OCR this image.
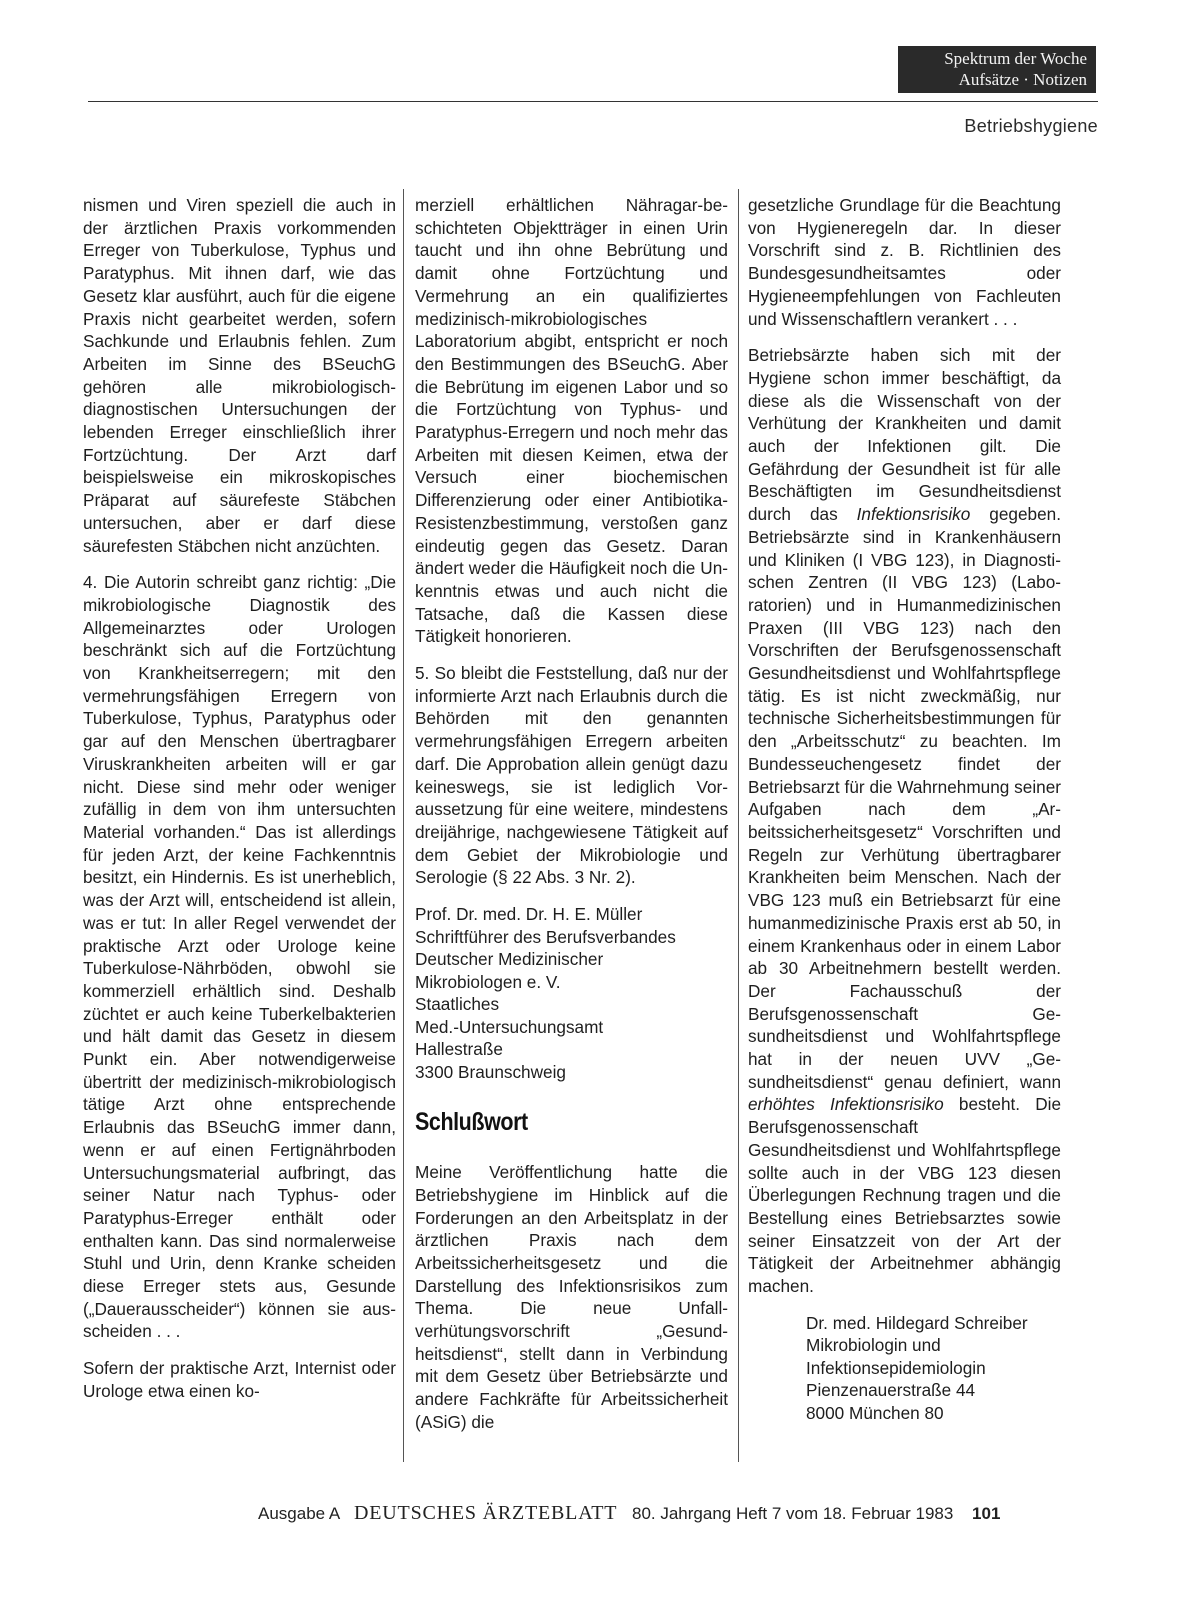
Spektrum der Woche
Aufsätze · Notizen
Betriebshygiene

nismen und Viren speziell die auch in der ärztlichen Praxis vorkommenden Erreger von Tuberkulose, Typhus und Paratyphus. Mit ihnen darf, wie das Gesetz klar ausführt, auch für die eigene Praxis nicht gearbeitet werden, sofern Sachkunde und Erlaubnis fehlen. Zum Arbeiten im Sinne des BSeuchG gehören alle mikrobiologisch-diagnostischen Untersuchungen der lebenden Erreger einschließlich ihrer Fortzüchtung. Der Arzt darf beispielsweise ein mikroskopisches Präparat auf säurefeste Stäbchen untersuchen, aber er darf diese säurefesten Stäbchen nicht anzüchten.

4. Die Autorin schreibt ganz richtig: „Die mikrobiologische Diagnostik des Allgemeinarztes oder Urologen beschränkt sich auf die Fortzüchtung von Krankheitserregern; mit den vermehrungsfähigen Erregern von Tuberkulose, Typhus, Paratyphus oder gar auf den Menschen übertragbarer Viruskrankheiten arbeiten will er gar nicht. Diese sind mehr oder weniger zufällig in dem von ihm untersuchten Material vorhanden.“ Das ist allerdings für jeden Arzt, der keine Fachkenntnis besitzt, ein Hindernis. Es ist unerheblich, was der Arzt will, entscheidend ist allein, was er tut: In aller Regel verwendet der praktische Arzt oder Urologe keine Tuberkulose-Nährböden, obwohl sie kommerziell erhältlich sind. Deshalb züchtet er auch keine Tuberkelbakterien und hält damit das Gesetz in diesem Punkt ein. Aber notwendigerweise übertritt der medizinisch-mikrobiologisch tätige Arzt ohne entsprechende Erlaubnis das BSeuchG immer dann, wenn er auf einen Fertignährboden Untersuchungsmaterial aufbringt, das seiner Natur nach Typhus- oder Paratyphus-Erreger enthält oder enthalten kann. Das sind normalerweise Stuhl und Urin, denn Kranke scheiden diese Erreger stets aus, Gesunde („Dauerausscheider“) können sie ausscheiden . . .

Sofern der praktische Arzt, Internist oder Urologe etwa einen ko-

merziell erhältlichen Nähragar-beschichteten Objektträger in einen Urin taucht und ihn ohne Bebrütung und damit ohne Fortzüchtung und Vermehrung an ein qualifiziertes medizinisch-mikrobiologisches Laboratorium abgibt, entspricht er noch den Bestimmungen des BSeuchG. Aber die Bebrütung im eigenen Labor und so die Fortzüchtung von Typhus- und Paratyphus-Erregern und noch mehr das Arbeiten mit diesen Keimen, etwa der Versuch einer biochemischen Differenzierung oder einer Antibiotika-Resistenzbestimmung, verstoßen ganz eindeutig gegen das Gesetz. Daran ändert weder die Häufigkeit noch die Unkenntnis etwas und auch nicht die Tatsache, daß die Kassen diese Tätigkeit honorieren.

5. So bleibt die Feststellung, daß nur der informierte Arzt nach Erlaubnis durch die Behörden mit den genannten vermehrungsfähigen Erregern arbeiten darf. Die Approbation allein genügt dazu keineswegs, sie ist lediglich Voraussetzung für eine weitere, mindestens dreijährige, nachgewiesene Tätigkeit auf dem Gebiet der Mikrobiologie und Serologie (§ 22 Abs. 3 Nr. 2).

Prof. Dr. med. Dr. H. E. Müller
Schriftführer des Berufsverbandes
Deutscher Medizinischer
Mikrobiologen e. V.
Staatliches
Med.-Untersuchungsamt
Hallestraße
3300 Braunschweig
Schlußwort

Meine Veröffentlichung hatte die Betriebshygiene im Hinblick auf die Forderungen an den Arbeitsplatz in der ärztlichen Praxis nach dem Arbeitssicherheitsgesetz und die Darstellung des Infektionsrisikos zum Thema. Die neue Unfallverhütungsvorschrift „Gesundheitsdienst“, stellt dann in Verbindung mit dem Gesetz über Betriebsärzte und andere Fachkräfte für Arbeitssicherheit (ASiG) die

gesetzliche Grundlage für die Beachtung von Hygieneregeln dar. In dieser Vorschrift sind z. B. Richtlinien des Bundesgesundheitsamtes oder Hygieneempfehlungen von Fachleuten und Wissenschaftlern verankert . . .

Betriebsärzte haben sich mit der Hygiene schon immer beschäftigt, da diese als die Wissenschaft von der Verhütung der Krankheiten und damit auch der Infektionen gilt. Die Gefährdung der Gesundheit ist für alle Beschäftigten im Gesundheitsdienst durch das Infektionsrisiko gegeben. Betriebsärzte sind in Krankenhäusern und Kliniken (I VBG 123), in Diagnostischen Zentren (II VBG 123) (Laboratorien) und in Humanmedizinischen Praxen (III VBG 123) nach den Vorschriften der Berufsgenossenschaft Gesundheitsdienst und Wohlfahrtspflege tätig. Es ist nicht zweckmäßig, nur technische Sicherheitsbestimmungen für den „Arbeitsschutz“ zu beachten. Im Bundesseuchengesetz findet der Betriebsarzt für die Wahrnehmung seiner Aufgaben nach dem „Arbeitssicherheitsgesetz“ Vorschriften und Regeln zur Verhütung übertragbarer Krankheiten beim Menschen. Nach der VBG 123 muß ein Betriebsarzt für eine humanmedizinische Praxis erst ab 50, in einem Krankenhaus oder in einem Labor ab 30 Arbeitnehmern bestellt werden. Der Fachausschuß der Berufsgenossenschaft Gesundheitsdienst und Wohlfahrtspflege hat in der neuen UVV „Gesundheitsdienst“ genau definiert, wann erhöhtes Infektionsrisiko besteht. Die Berufsgenossenschaft Gesundheitsdienst und Wohlfahrtspflege sollte auch in der VBG 123 diesen Überlegungen Rechnung tragen und die Bestellung eines Betriebsarztes sowie seiner Einsatzzeit von der Art der Tätigkeit der Arbeitnehmer abhängig machen.

Dr. med. Hildegard Schreiber
Mikrobiologin und
Infektionsepidemiologin
Pienzenauerstraße 44
8000 München 80
Ausgabe A DEUTSCHES ÄRZTEBLATT 80. Jahrgang Heft 7 vom 18. Februar 1983 101
